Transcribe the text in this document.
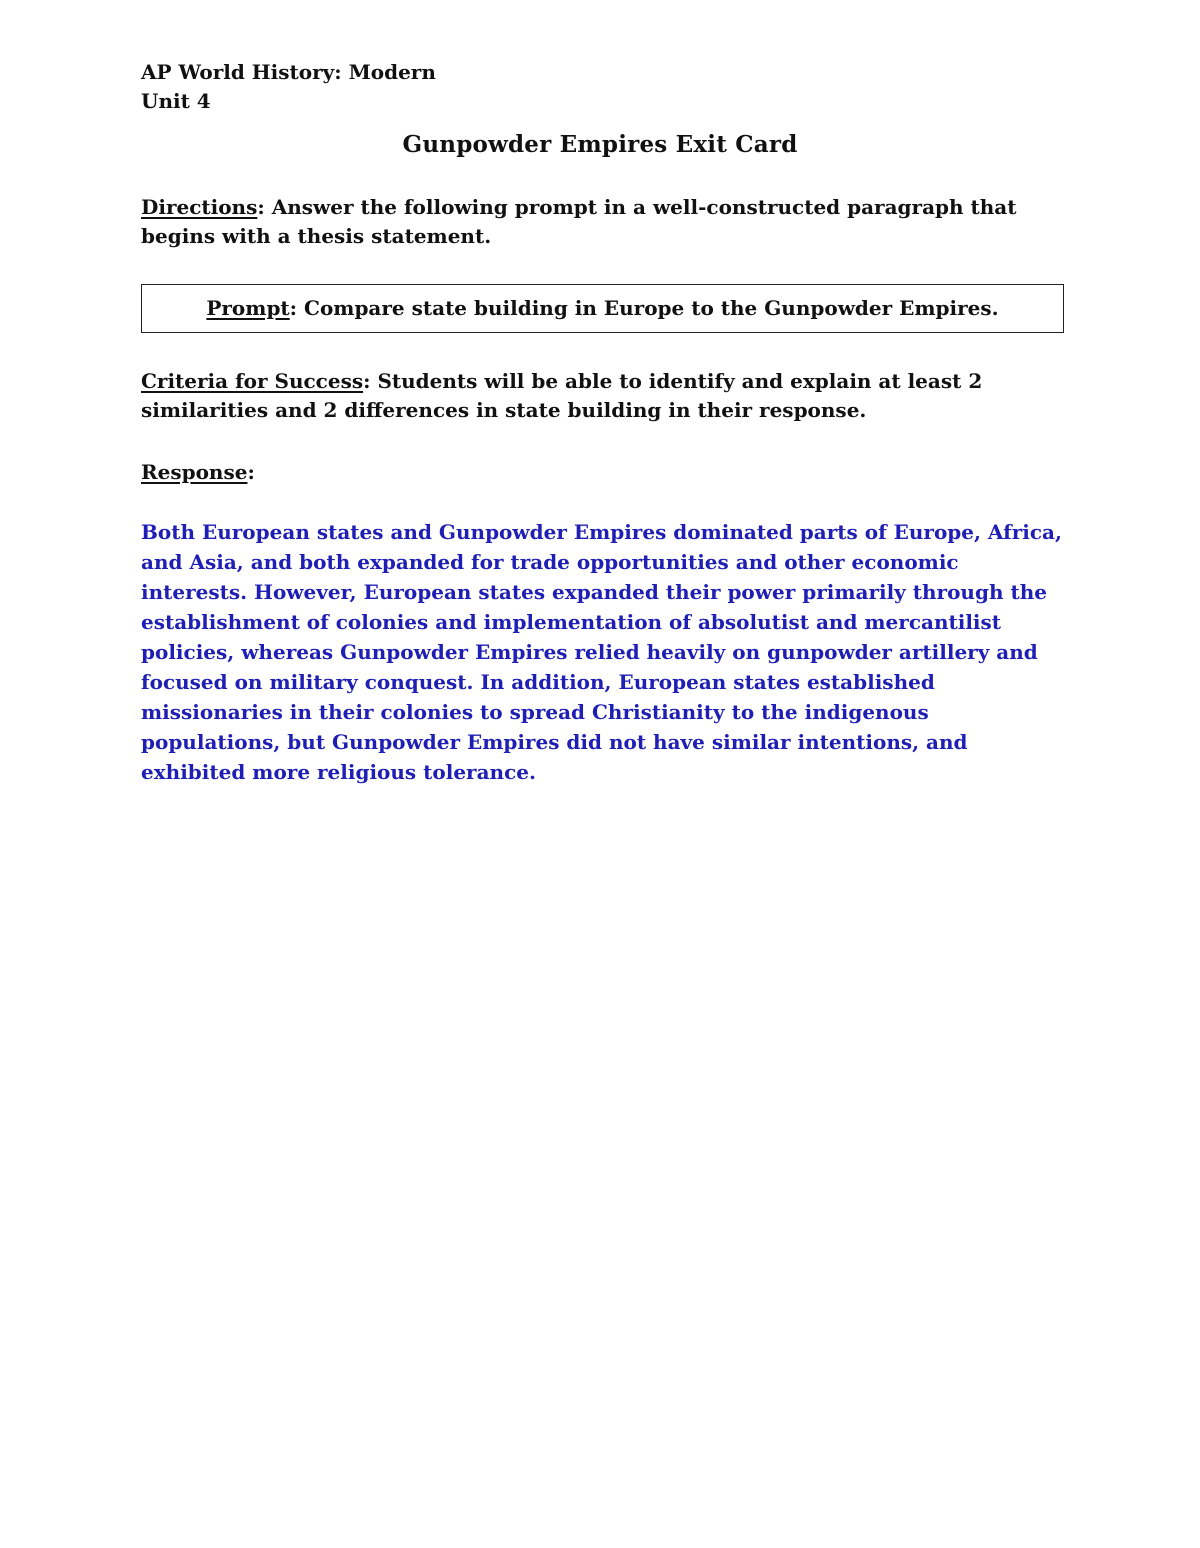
AP World History: Modern
Unit 4
Gunpowder Empires Exit Card
Directions: Answer the following prompt in a well-constructed paragraph that begins with a thesis statement.
Prompt: Compare state building in Europe to the Gunpowder Empires.
Criteria for Success: Students will be able to identify and explain at least 2 similarities and 2 differences in state building in their response.
Response:
Both European states and Gunpowder Empires dominated parts of Europe, Africa, and Asia, and both expanded for trade opportunities and other economic interests. However, European states expanded their power primarily through the establishment of colonies and implementation of absolutist and mercantilist policies, whereas Gunpowder Empires relied heavily on gunpowder artillery and focused on military conquest. In addition, European states established missionaries in their colonies to spread Christianity to the indigenous populations, but Gunpowder Empires did not have similar intentions, and exhibited more religious tolerance.
